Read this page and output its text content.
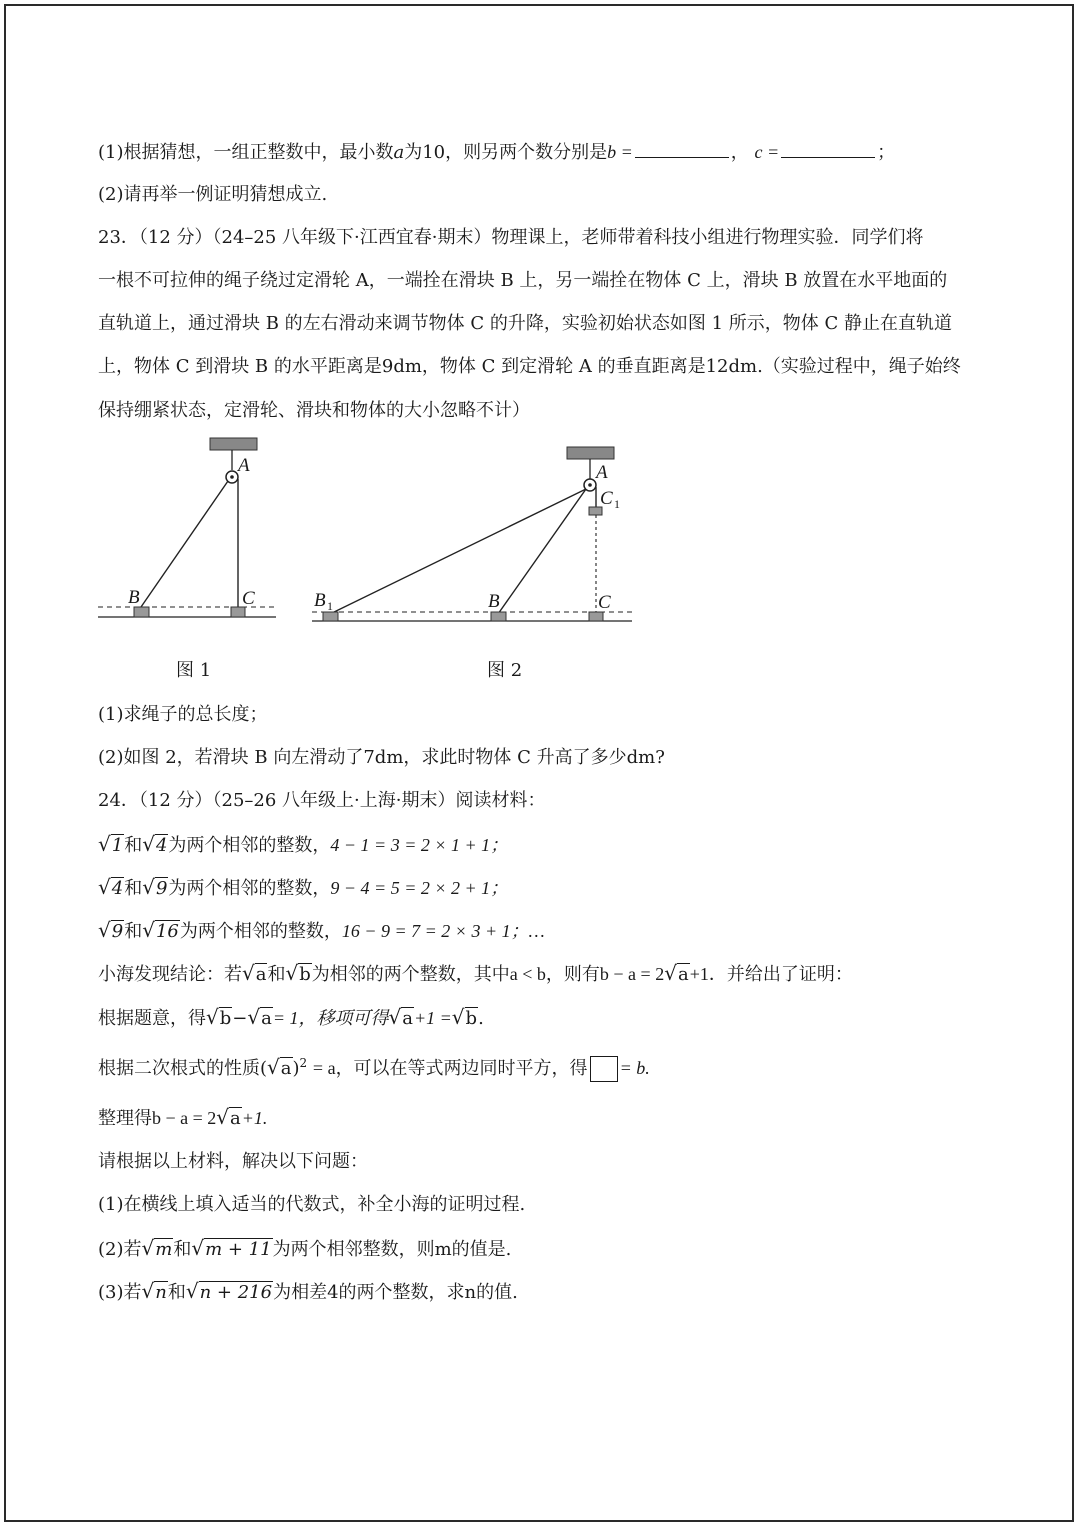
(1)根据猜想，一组正整数中，最小数a为10，则另两个数分别是b =	， c =	；
(2)请再举一例证明猜想成立.
23．（12 分）（24–25 八年级下·江西宜春·期末）物理课上，老师带着科技小组进行物理实验．同学们将
一根不可拉伸的绳子绕过定滑轮 A，一端拴在滑块 B 上，另一端拴在物体 C 上，滑块 B 放置在水平地面的
直轨道上，通过滑块 B 的左右滑动来调节物体 C 的升降，实验初始状态如图 1 所示，物体 C 静止在直轨道
上，物体 C 到滑块 B 的水平距离是9dm，物体 C 到定滑轮 A 的垂直距离是12dm.（实验过程中，绳子始终
保持绷紧状态，定滑轮、滑块和物体的大小忽略不计）
A
B	C
A
C 1
B 1	B	C
图 1	图 2
(1)求绳子的总长度；
(2)如图 2，若滑块 B 向左滑动了7dm，求此时物体 C 升高了多少dm?
24．（12 分）（25–26 八年级上·上海·期末）阅读材料：
√1和√4为两个相邻的整数，4 − 1 = 3 = 2 × 1 + 1；
√4和√9为两个相邻的整数，9 − 4 = 5 = 2 × 2 + 1；
√9和√16为两个相邻的整数，16 − 9 = 7 = 2 × 3 + 1；…
小海发现结论：若√a和√b为相邻的两个整数，其中a < b，则有b − a = 2√a+1．并给出了证明：
根据题意，得√b−√a= 1，移项可得√a+1 =√b.
根据二次根式的性质$(√a)^2 = a$，可以在等式两边同时平方，得 = b.
整理得b − a = 2√a+1.
请根据以上材料，解决以下问题：
(1)在横线上填入适当的代数式，补全小海的证明过程.
(2)若√m和√m + 11为两个相邻整数，则m的值是.
(3)若√n和√n + 216为相差4的两个整数，求n的值.
